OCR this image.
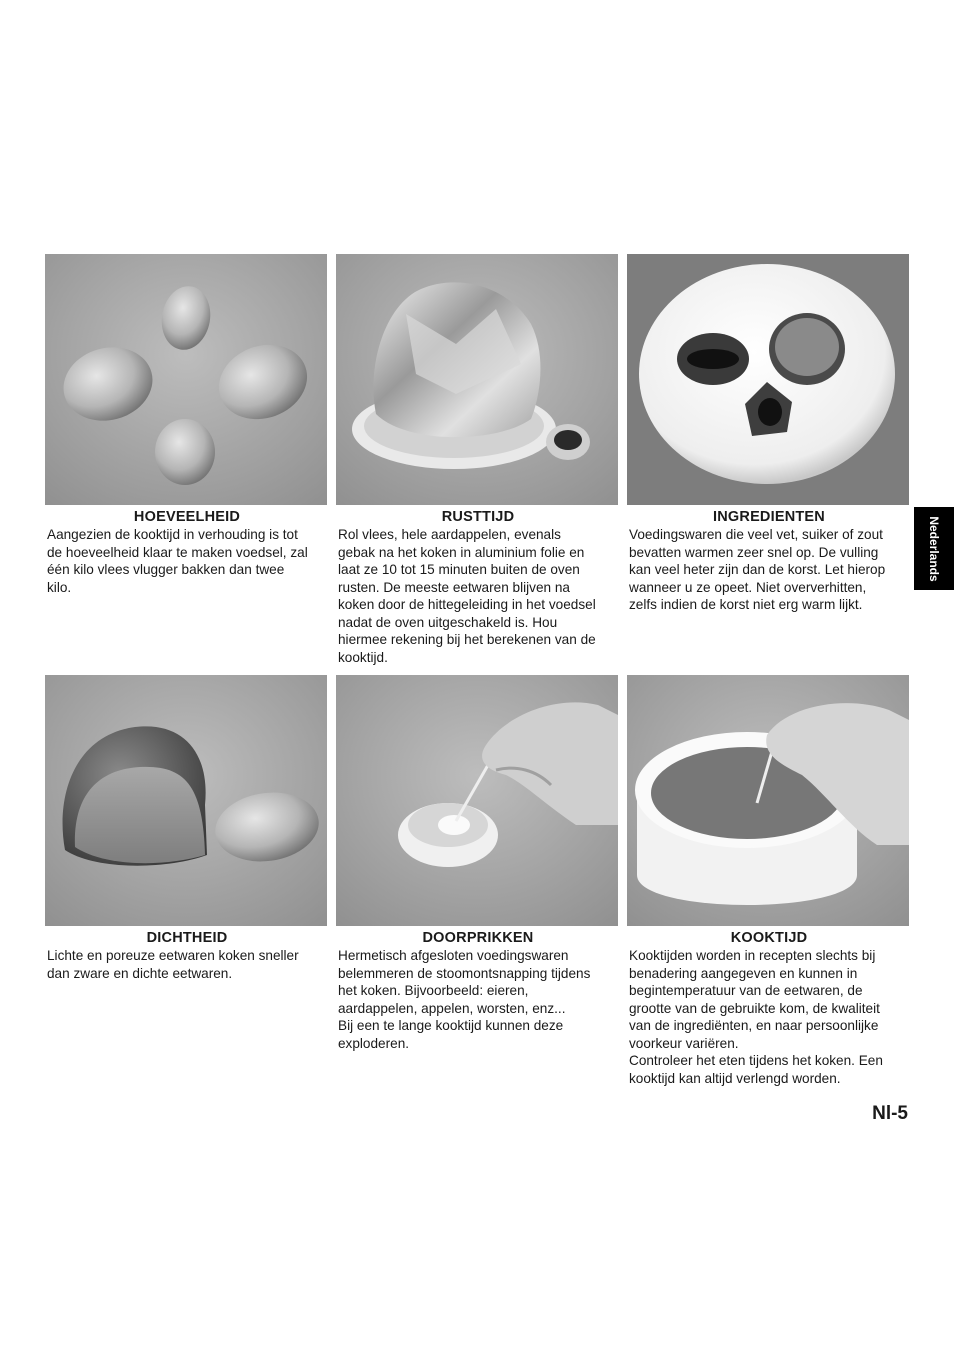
HOEVEELHEID

Aangezien de kooktijd in verhouding is tot
de hoeveelheid klaar te maken voedsel, zal
één kilo vlees vlugger bakken dan twee
kilo.

RUSTTIJD

Rol vlees, hele aardappelen, evenals
gebak na het koken in aluminium folie en
laat ze 10 tot 15 minuten buiten de oven
rusten. De meeste eetwaren blijven na
koken door de hittegeleiding in het voedsel
nadat de oven uitgeschakeld is. Hou
hiermee rekening bij het berekenen van de
kooktijd.

INGREDIENTEN

Voedingswaren die veel vet, suiker of zout
bevatten warmen zeer snel op. De vulling
kan veel heter zijn dan de korst. Let hierop
wanneer u ze opeet. Niet oververhitten,
zelfs indien de korst niet erg warm lijkt.

DICHTHEID

Lichte en poreuze eetwaren koken sneller
dan zware en dichte eetwaren.

DOORPRIKKEN

Hermetisch afgesloten voedingswaren
belemmeren de stoomontsnapping tijdens
het koken. Bijvoorbeeld: eieren,
aardappelen, appelen, worsten, enz...
Bij een te lange kooktijd kunnen deze
exploderen.

KOOKTIJD

Kooktijden worden in recepten slechts bij
benadering aangegeven en kunnen in
begintemperatuur van de eetwaren, de
grootte van de gebruikte kom, de kwaliteit
van de ingrediënten, en naar persoonlijke
voorkeur variëren.
Controleer het eten tijdens het koken. Een
kooktijd kan altijd verlengd worden.

Nederlands
Nl-5
